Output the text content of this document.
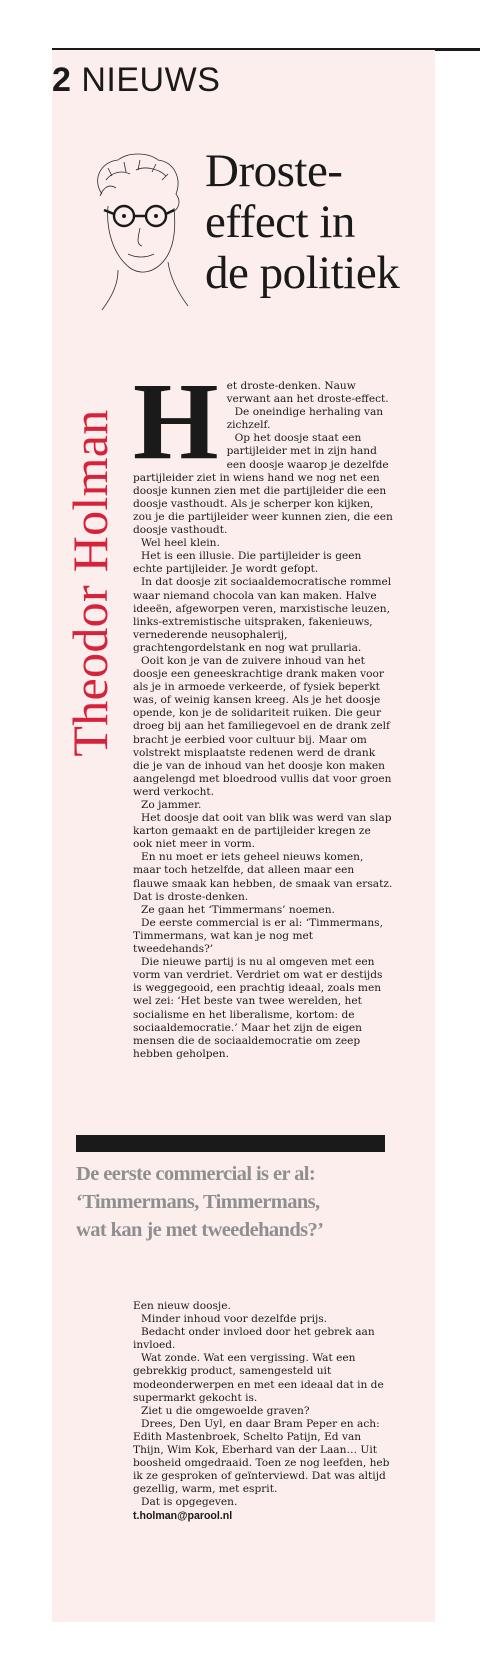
2 NIEUWS
Droste-
effect in
de politiek
Theodor Holman H et droste-denken. Nauw verwant aan het droste-effect.

De oneindige herhaling van zichzelf.

Op het doosje staat een partijleider met in zijn hand een doosje waarop je dezelfde partijleider ziet in wiens hand we nog net een doosje kunnen zien met die partijleider die een doosje vasthoudt. Als je scherper kon kijken, zou je die partijleider weer kunnen zien, die een doosje vasthoudt.

Wel heel klein.

Het is een illusie. Die partijleider is geen echte partijleider. Je wordt gefopt.

In dat doosje zit sociaaldemocratische rommel waar niemand chocola van kan maken. Halve ideeën, afgeworpen veren, marxistische leuzen, links-extremistische uitspraken, fakenieuws, vernederende neusophalerij, grachtengordelstank en nog wat prullaria.

Ooit kon je van de zuivere inhoud van het doosje een geneeskrachtige drank maken voor als je in armoede verkeerde, of fysiek beperkt was, of weinig kansen kreeg. Als je het doosje opende, kon je de solidariteit ruiken. Die geur droeg bij aan het familiegevoel en de drank zelf bracht je eerbied voor cultuur bij. Maar om volstrekt misplaatste redenen werd de drank die je van de inhoud van het doosje kon maken aangelengd met bloedrood vullis dat voor groen werd verkocht.

Zo jammer.

Het doosje dat ooit van blik was werd van slap karton gemaakt en de partijleider kregen ze ook niet meer in vorm.

En nu moet er iets geheel nieuws komen, maar toch hetzelfde, dat alleen maar een flauwe smaak kan hebben, de smaak van ersatz. Dat is droste-denken.

Ze gaan het ‘Timmermans’ noemen.

De eerste commercial is er al: ‘Timmermans, Timmermans, wat kan je nog met tweedehands?’

Die nieuwe partij is nu al omgeven met een vorm van verdriet. Verdriet om wat er destijds is weggegooid, een prachtig ideaal, zoals men wel zei: ‘Het beste van twee werelden, het socialisme en het liberalisme, kortom: de sociaaldemocratie.’ Maar het zijn de eigen mensen die de sociaaldemocratie om zeep hebben geholpen.

De eerste commercial is er al:
‘Timmermans, Timmermans,
wat kan je met tweedehands?’

Een nieuw doosje.

Minder inhoud voor dezelfde prijs.

Bedacht onder invloed door het gebrek aan invloed.

Wat zonde. Wat een vergissing. Wat een gebrekkig product, samengesteld uit modeonderwerpen en met een ideaal dat in de supermarkt gekocht is.

Ziet u die omgewoelde graven?

Drees, Den Uyl, en daar Bram Peper en ach: Edith Mastenbroek, Schelto Patijn, Ed van Thijn, Wim Kok, Eberhard van der Laan… Uit boosheid omgedraaid. Toen ze nog leefden, heb ik ze gesproken of geïnterviewd. Dat was altijd gezellig, warm, met esprit.

Dat is opgegeven.

t.holman@parool.nl
